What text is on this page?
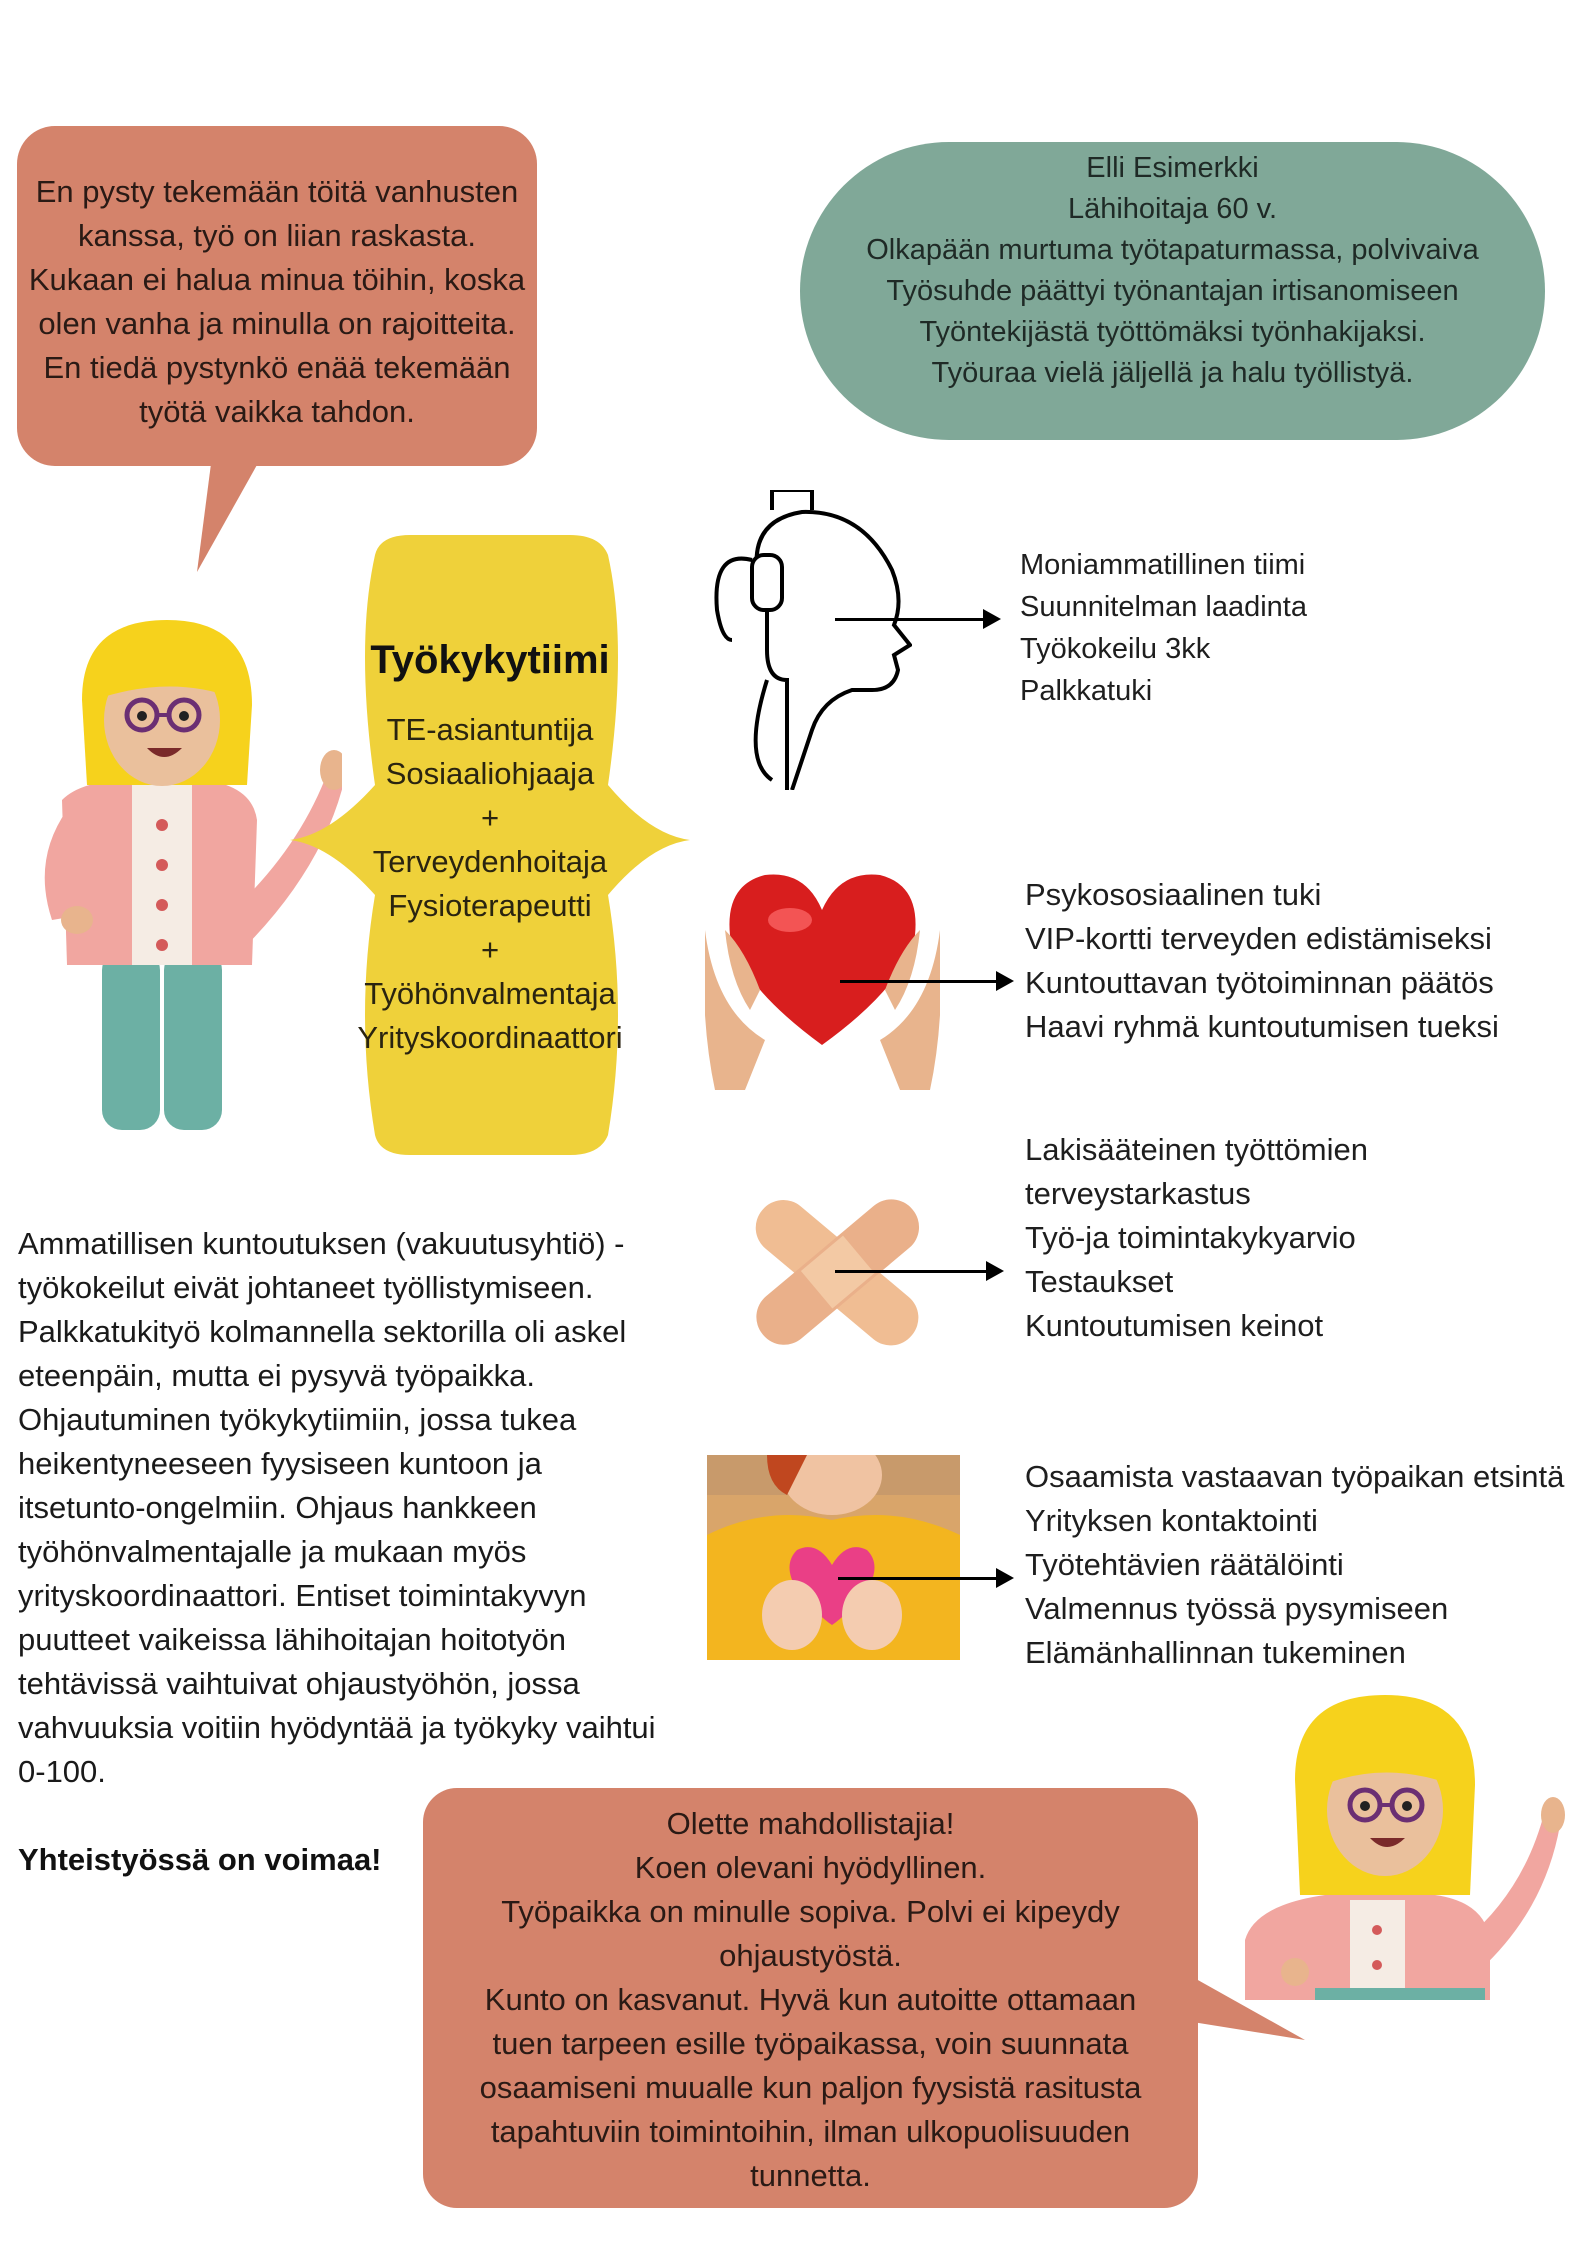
En pysty tekemään töitä vanhusten
kanssa, työ on liian raskasta.
Kukaan ei halua minua töihin, koska
olen vanha ja minulla on rajoitteita.
En tiedä pystynkö enää tekemään
työtä vaikka tahdon.
Elli Esimerkki
Lähihoitaja 60 v.
Olkapään murtuma työtapaturmassa, polvivaiva
Työsuhde päättyi työnantajan irtisanomiseen
Työntekijästä työttömäksi työnhakijaksi.
Työuraa vielä jäljellä ja halu työllistyä.
Työkykytiimi
TE-asiantuntija
Sosiaaliohjaaja
+
Terveydenhoitaja
Fysioterapeutti
+
Työhönvalmentaja
Yrityskoordinaattori
Moniammatillinen tiimi
Suunnitelman laadinta
Työkokeilu 3kk
Palkkatuki
Psykososiaalinen tuki
VIP-kortti terveyden edistämiseksi
Kuntouttavan työtoiminnan päätös
Haavi ryhmä kuntoutumisen tueksi
Lakisääteinen työttömien
terveystarkastus
Työ-ja toimintakykyarvio
Testaukset
Kuntoutumisen keinot
Osaamista vastaavan työpaikan etsintä
Yrityksen kontaktointi
Työtehtävien räätälöinti
Valmennus työssä pysymiseen
Elämänhallinnan tukeminen
Ammatillisen kuntoutuksen (vakuutusyhtiö) -
työkokeilut eivät johtaneet työllistymiseen.
Palkkatukityö kolmannella sektorilla oli askel
eteenpäin, mutta ei pysyvä työpaikka.
Ohjautuminen työkykytiimiin, jossa tukea
heikentyneeseen fyysiseen kuntoon ja
itsetunto-ongelmiin. Ohjaus hankkeen
työhönvalmentajalle ja mukaan myös
yrityskoordinaattori. Entiset toimintakyvyn
puutteet vaikeissa lähihoitajan hoitotyön
tehtävissä vaihtuivat ohjaustyöhön, jossa
vahvuuksia voitiin hyödyntää ja työkyky vaihtui
0-100.
Yhteistyössä on voimaa!
Olette mahdollistajia!
Koen olevani hyödyllinen.
Työpaikka on minulle sopiva. Polvi ei kipeydy
ohjaustyöstä.
Kunto on kasvanut. Hyvä kun autoitte ottamaan
tuen tarpeen esille työpaikassa, voin suunnata
osaamiseni muualle kun paljon fyysistä rasitusta
tapahtuviin toimintoihin, ilman ulkopuolisuuden
tunnetta.
